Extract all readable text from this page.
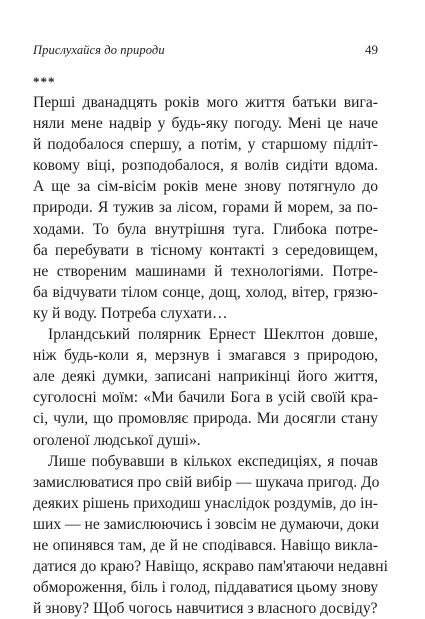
Прислухайся до природи	49
***
Перші дванадцять років мого життя батьки вига-
няли мене надвір у будь-яку погоду. Мені це наче
й подобалося спершу, а потім, у старшому підліт-
ковому віці, розподобалося, я волів сидіти вдома.
А ще за сім-вісім років мене знову потягнуло до
природи. Я тужив за лісом, горами й морем, за по-
ходами. То була внутрішня туга. Глибока потре-
ба перебувати в тісному контакті з середовищем,
не створеним машинами й технологіями. Потре-
ба відчувати тілом сонце, дощ, холод, вітер, грязю-
ку й воду. Потреба слухати…
Ірландський полярник Ернест Шеклтон довше,
ніж будь-коли я, мерзнув і змагався з природою,
але деякі думки, записані наприкінці його життя,
суголосні моїм: «Ми бачили Бога в усій своїй кра-
сі, чули, що промовляє природа. Ми досягли стану
оголеної людської душі».
Лише побувавши в кількох експедиціях, я почав
замислюватися про свій вибір — шукача пригод. До
деяких рішень приходиш унаслідок роздумів, до ін-
ших — не замислюючись і зовсім не думаючи, доки
не опинявся там, де й не сподівався. Навіщо викла-
датися до краю? Навіщо, яскраво пам'ятаючи недавні
обмороження, біль і голод, піддаватися цьому знову
й знову? Щоб чогось навчитися з власного досвіду?
